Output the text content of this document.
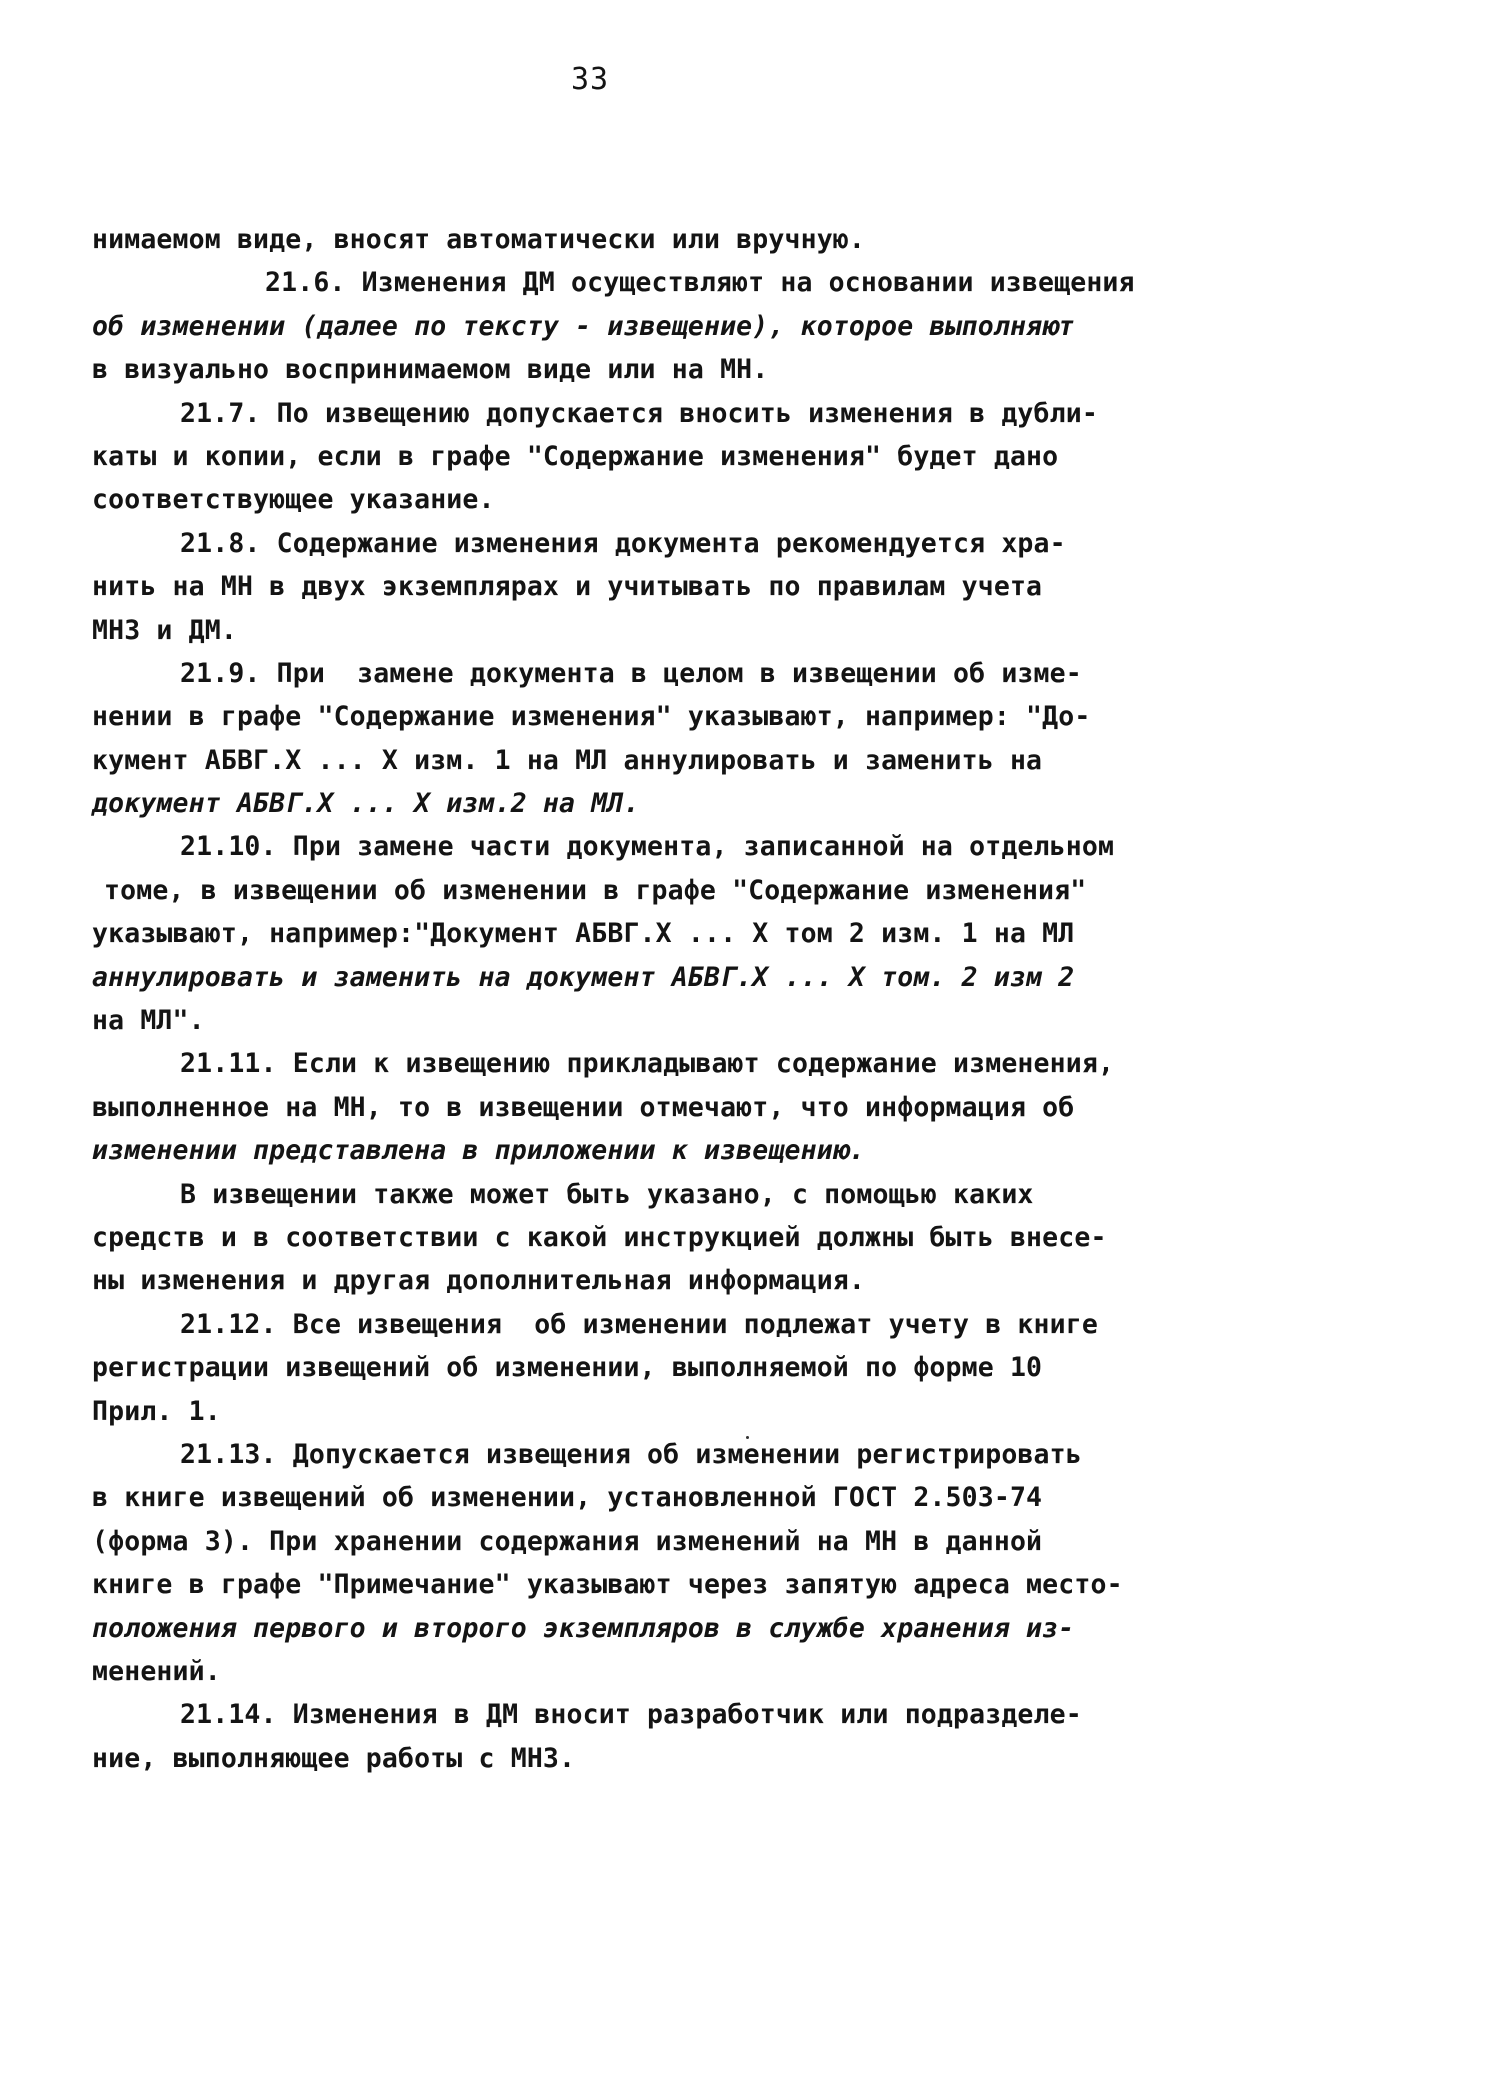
33
нимаемом виде, вносят автоматически или вручную.
21.6. Изменения ДМ осуществляют на основании извещения
об изменении (далее по тексту - извещение), которое выполняют
в визуально воспринимаемом виде или на МН.
21.7. По извещению допускается вносить изменения в дубли-
каты и копии, если в графе "Содержание изменения" будет дано
соответствующее указание.
21.8. Содержание изменения документа рекомендуется хра-
нить на МН в двух экземплярах и учитывать по правилам учета
МНЗ и ДМ.
21.9. При  замене документа в целом в извещении об изме-
нении в графе "Содержание изменения" указывают, например: "До-
кумент АБВГ.Х ... Х изм. 1 на МЛ аннулировать и заменить на
документ АБВГ.Х ... Х изм.2 на МЛ.
21.10. При замене части документа, записанной на отдельном
томе, в извещении об изменении в графе "Содержание изменения"
указывают, например:"Документ АБВГ.Х ... Х том 2 изм. 1 на МЛ
аннулировать и заменить на документ АБВГ.Х ... Х том. 2 изм 2
на МЛ".
21.11. Если к извещению прикладывают содержание изменения,
выполненное на МН, то в извещении отмечают, что информация об
изменении представлена в приложении к извещению.
В извещении также может быть указано, с помощью каких
средств и в соответствии с какой инструкцией должны быть внесе-
ны изменения и другая дополнительная информация.
21.12. Все извещения  об изменении подлежат учету в книге
регистрации извещений об изменении, выполняемой по форме 10
Прил. 1.
21.13. Допускается извещения об изменении регистрировать
в книге извещений об изменении, установленной ГОСТ 2.503-74
(форма 3). При хранении содержания изменений на МН в данной
книге в графе "Примечание" указывают через запятую адреса место-
положения первого и второго экземпляров в службе хранения из-
менений.
21.14. Изменения в ДМ вносит разработчик или подразделе-
ние, выполняющее работы с МНЗ.
